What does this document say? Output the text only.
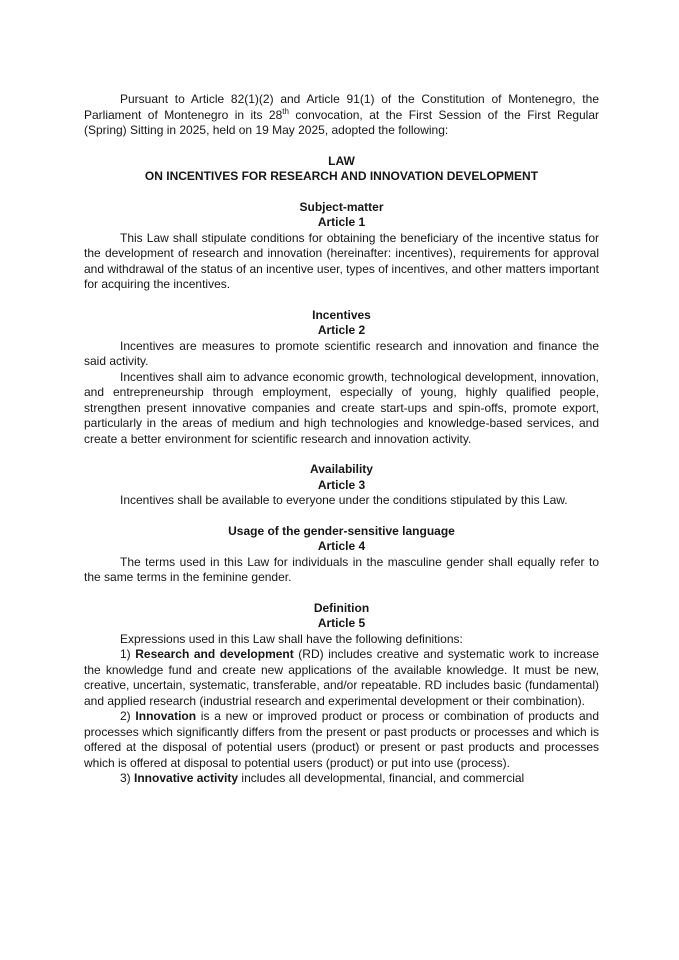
Pursuant to Article 82(1)(2) and Article 91(1) of the Constitution of Montenegro, the Parliament of Montenegro in its 28th convocation, at the First Session of the First Regular (Spring) Sitting in 2025, held on 19 May 2025, adopted the following:

LAW

ON INCENTIVES FOR RESEARCH AND INNOVATION DEVELOPMENT

Subject-matter

Article 1

This Law shall stipulate conditions for obtaining the beneficiary of the incentive status for the development of research and innovation (hereinafter: incentives), requirements for approval and withdrawal of the status of an incentive user, types of incentives, and other matters important for acquiring the incentives.

Incentives

Article 2

Incentives are measures to promote scientific research and innovation and finance the said activity.

Incentives shall aim to advance economic growth, technological development, innovation, and entrepreneurship through employment, especially of young, highly qualified people, strengthen present innovative companies and create start-ups and spin-offs, promote export, particularly in the areas of medium and high technologies and knowledge-based services, and create a better environment for scientific research and innovation activity.

Availability

Article 3

Incentives shall be available to everyone under the conditions stipulated by this Law.

Usage of the gender-sensitive language

Article 4

The terms used in this Law for individuals in the masculine gender shall equally refer to the same terms in the feminine gender.

Definition

Article 5

Expressions used in this Law shall have the following definitions:

1) Research and development (RD) includes creative and systematic work to increase the knowledge fund and create new applications of the available knowledge. It must be new, creative, uncertain, systematic, transferable, and/or repeatable. RD includes basic (fundamental) and applied research (industrial research and experimental development or their combination).

2) Innovation is a new or improved product or process or combination of products and processes which significantly differs from the present or past products or processes and which is offered at the disposal of potential users (product) or present or past products and processes which is offered at disposal to potential users (product) or put into use (process).

3) Innovative activity includes all developmental, financial, and commercial
